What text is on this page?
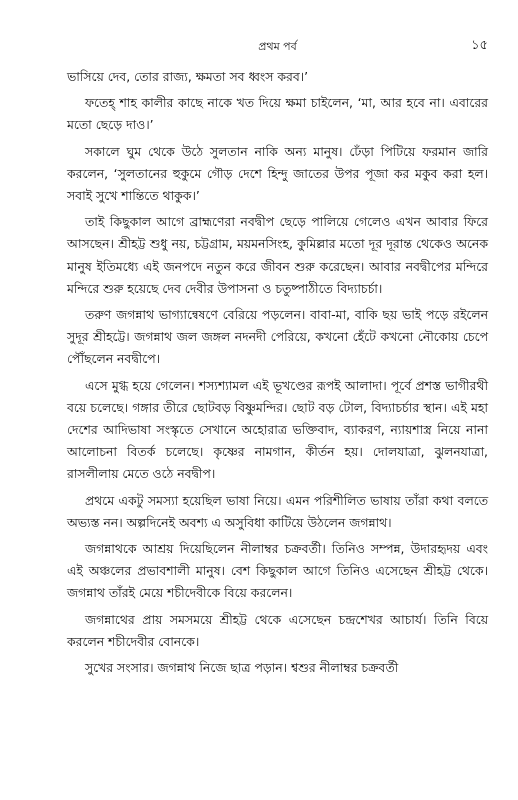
প্রথম পর্ব	১৫

ভাসিয়ে দেব, তোর রাজ্য, ক্ষমতা সব ধ্বংস করব।’

ফতেহ্ শাহ কালীর কাছে নাকে খত দিয়ে ক্ষমা চাইলেন, ‘মা, আর হবে না। এবারের মতো ছেড়ে দাও।’

সকালে ঘুম থেকে উঠে সুলতান নাকি অন্য মানুষ। ঢেঁড়া পিটিয়ে ফরমান জারি করলেন, ‘সুলতানের হুকুমে গৌড় দেশে হিন্দু জাতের উপর পূজা কর মকুব করা হল। সবাই সুখে শান্তিতে থাকুক।’

তাই কিছুকাল আগে ব্রাহ্মণেরা নবদ্বীপ ছেড়ে পালিয়ে গেলেও এখন আবার ফিরে আসছেন। শ্রীহট্ট শুধু নয়, চট্টগ্রাম, ময়মনসিংহ, কুমিল্লার মতো দূর দূরান্ত থেকেও অনেক মানুষ ইতিমধ্যে এই জনপদে নতুন করে জীবন শুরু করেছেন। আবার নবদ্বীপের মন্দিরে মন্দিরে শুরু হয়েছে দেব দেবীর উপাসনা ও চতুষ্পাঠীতে বিদ্যাচর্চা।

তরুণ জগন্নাথ ভাগ্যান্বেষণে বেরিয়ে পড়লেন। বাবা-মা, বাকি ছয় ভাই পড়ে রইলেন সুদূর শ্রীহট্টে। জগন্নাথ জল জঙ্গল নদনদী পেরিয়ে, কখনো হেঁটে কখনো নৌকোয় চেপে পৌঁছলেন নবদ্বীপে।

এসে মুগ্ধ হয়ে গেলেন। শস্যশ্যামল এই ভূখণ্ডের রূপই আলাদা। পূর্বে প্রশস্ত ভাগীরথী বয়ে চলেছে। গঙ্গার তীরে ছোটবড় বিষ্ণুমন্দির। ছোট বড় টোল, বিদ্যাচর্চার স্থান। এই মহা দেশের আদিভাষা সংস্কৃতে সেখানে অহোরাত্র ভক্তিবাদ, ব্যাকরণ, ন্যায়শাস্ত্র নিয়ে নানা আলোচনা বিতর্ক চলেছে। কৃষ্ণের নামগান, কীর্তন হয়। দোলযাত্রা, ঝুলনযাত্রা, রাসলীলায় মেতে ওঠে নবদ্বীপ।

প্রথমে একটু সমস্যা হয়েছিল ভাষা নিয়ে। এমন পরিশীলিত ভাষায় তাঁরা কথা বলতে অভ্যস্ত নন। অল্পদিনেই অবশ্য এ অসুবিধা কাটিয়ে উঠলেন জগন্নাথ।

জগন্নাথকে আশ্রয় দিয়েছিলেন নীলাম্বর চক্রবর্তী। তিনিও সম্পন্ন, উদারহৃদয় এবং এই অঞ্চলের প্রভাবশালী মানুষ। বেশ কিছুকাল আগে তিনিও এসেছেন শ্রীহট্ট থেকে। জগন্নাথ তাঁরই মেয়ে শচীদেবীকে বিয়ে করলেন।

জগন্নাথের প্রায় সমসময়ে শ্রীহট্ট থেকে এসেছেন চন্দ্রশেখর আচার্য। তিনি বিয়ে করলেন শচীদেবীর বোনকে।

সুখের সংসার। জগন্নাথ নিজে ছাত্র পড়ান। শ্বশুর নীলাম্বর চক্রবর্তী
